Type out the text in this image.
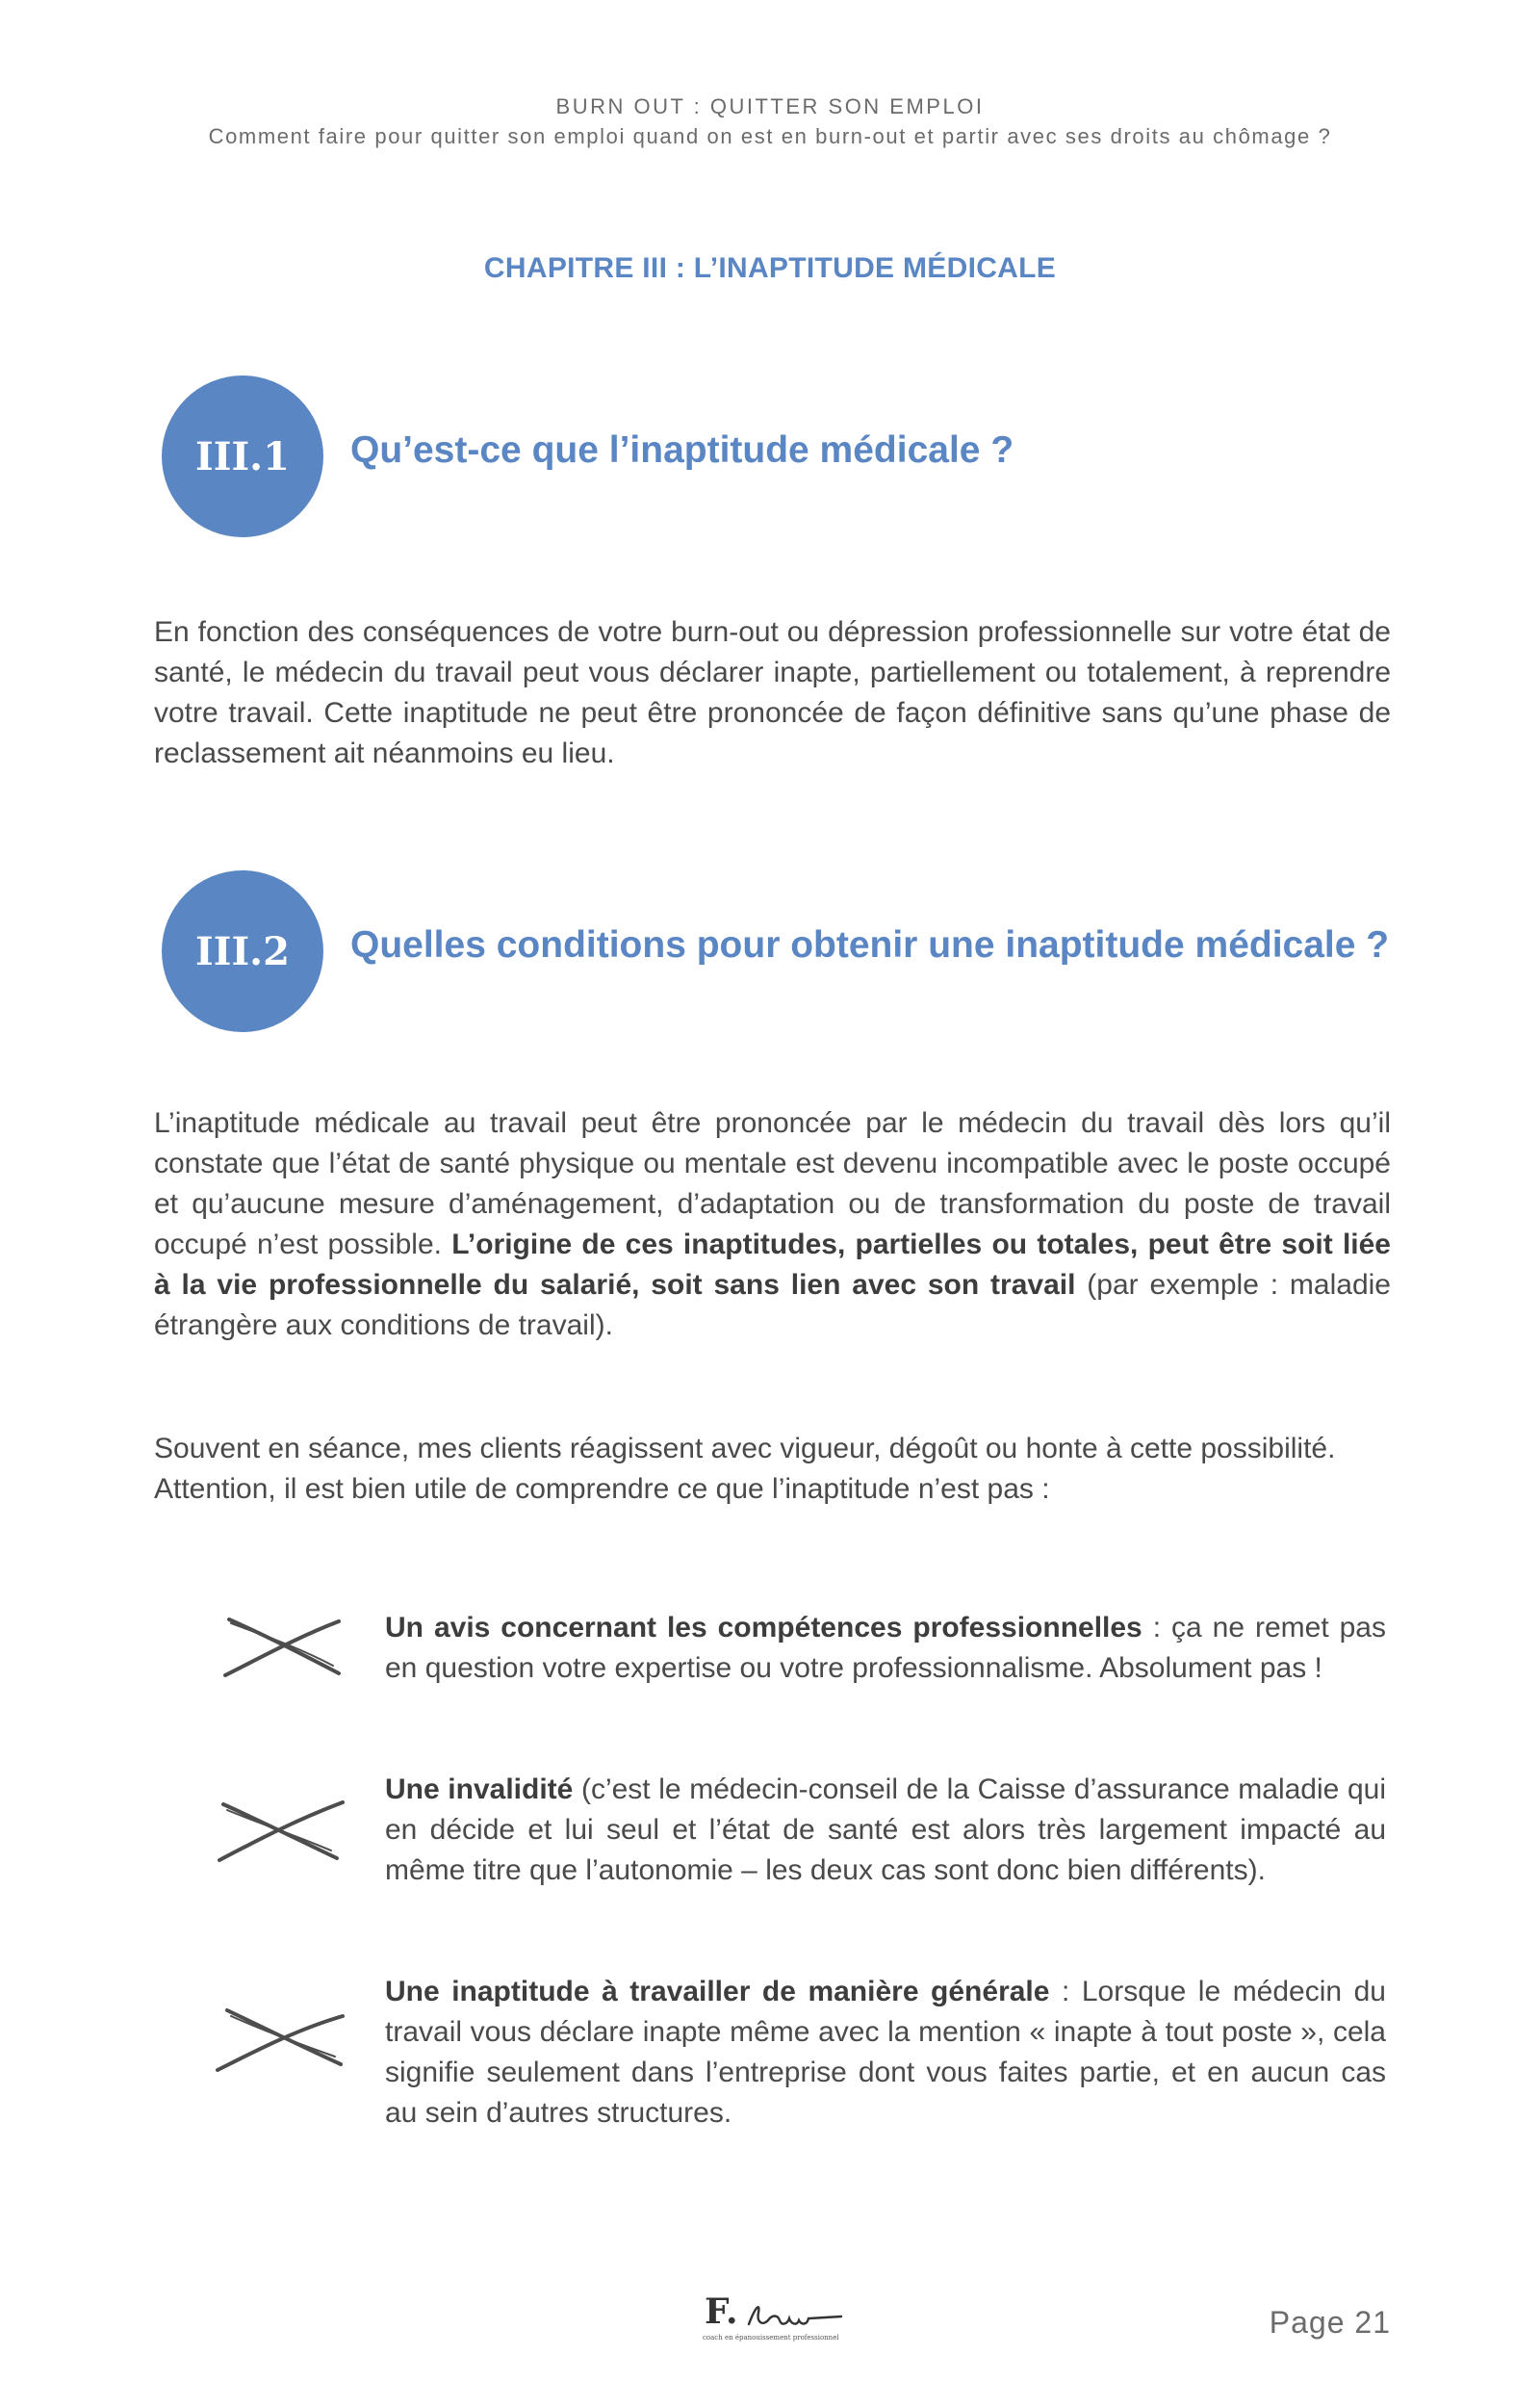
BURN OUT : QUITTER SON EMPLOI
Comment faire pour quitter son emploi quand on est en burn-out et partir avec ses droits au chômage ?
CHAPITRE III : L’INAPTITUDE MÉDICALE
III.1	Qu’est-ce que l’inaptitude médicale ?
En fonction des conséquences de votre burn-out ou dépression professionnelle sur votre état de santé, le médecin du travail peut vous déclarer inapte, partiellement ou totalement, à reprendre votre travail. Cette inaptitude ne peut être prononcée de façon définitive sans qu’une phase de reclassement ait néanmoins eu lieu.
III.2	Quelles conditions pour obtenir une inaptitude médicale ?
L’inaptitude médicale au travail peut être prononcée par le médecin du travail dès lors qu’il constate que l’état de santé physique ou mentale est devenu incompatible avec le poste occupé et qu’aucune mesure d’aménagement, d’adaptation ou de transformation du poste de travail occupé n’est possible. L’origine de ces inaptitudes, partielles ou totales, peut être soit liée à la vie professionnelle du salarié, soit sans lien avec son travail (par exemple : maladie étrangère aux conditions de travail).
Souvent en séance, mes clients réagissent avec vigueur, dégoût ou honte à cette possibilité.
Attention, il est bien utile de comprendre ce que l’inaptitude n’est pas :
Un avis concernant les compétences professionnelles : ça ne remet pas en question votre expertise ou votre professionnalisme. Absolument pas !
Une invalidité (c’est le médecin-conseil de la Caisse d’assurance maladie qui en décide et lui seul et l’état de santé est alors très largement impacté au même titre que l’autonomie – les deux cas sont donc bien différents).
Une inaptitude à travailler de manière générale : Lorsque le médecin du travail vous déclare inapte même avec la mention « inapte à tout poste », cela signifie seulement dans l’entreprise dont vous faites partie, et en aucun cas au sein d’autres structures.
F.
coach en épanouissement professionnel	Page 21
